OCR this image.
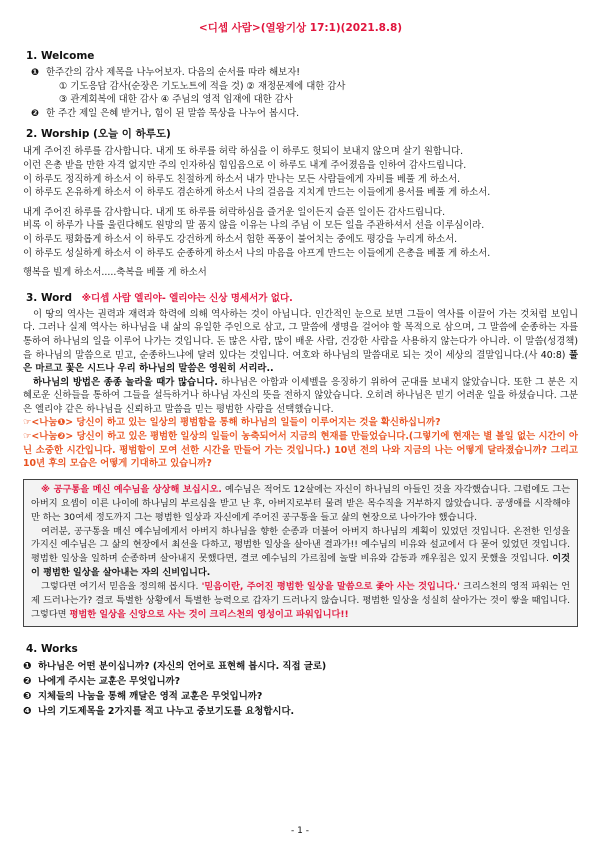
<디셉 사람>(열왕기상 17:1)(2021.8.8)
1. Welcome
❶ 한주간의 감사 제목을 나누어보자. 다음의 순서를 따라 해보자!
① 기도응답 감사(순장은 기도노트에 적을 것) ② 재정문제에 대한 감사
③ 관계회복에 대한 감사 ④ 주님의 영적 임재에 대한 감사
❷ 한 주간 제일 은혜 받거나, 힘이 된 말씀 묵상을 나누어 봅시다.
2. Worship (오늘 이 하루도)
내게 주어진 하루를 감사합니다. 내게 또 하루를 허락 하심을 이 하루도 헛되이 보내지 않으며 살기 원합니다.
이런 은총 받을 만한 자격 없지만 주의 인자하심 힘입음으로 이 하루도 내게 주어졌음을 인하여 감사드립니다.
이 하루도 정직하게 하소서 이 하루도 친절하게 하소서 내가 만나는 모든 사람들에게 자비를 베풀 게 하소서.
이 하루도 온유하게 하소서 이 하루도 겸손하게 하소서 나의 걸음을 지치게 만드는 이들에게 용서를 베풀 게 하소서.
내게 주어진 하루를 감사합니다. 내게 또 하루를 허락하심을 즐거운 일이든지 슬픈 일이든 감사드립니다.
비록 이 하루가 나를 울린다해도 원망의 말 품지 않을 이유는 나의 주님 이 모든 일을 주관하셔서 선을 이루심이라.
이 하루도 평화롭게 하소서 이 하루도 강건하게 하소서 험한 폭풍이 불어치는 중에도 평강을 누리게 하소서.
이 하루도 성실하게 하소서 이 하루도 순종하게 하소서 나의 마음을 아프게 만드는 이들에게 은총을 베풀 게 하소서.
행복을 빌게 하소서.....축복을 베풀 게 하소서
3. Word ※디셉 사람 엘리야- 엘리야는 신상 명세서가 없다.
이 땅의 역사는 권력과 재력과 학력에 의해 역사하는 것이 아닙니다. 인간적인 눈으로 보면 그들이 역사를 이끌어 가는 것처럼 보입니다. 그러나 실제 역사는 하나님을 내 삶의 유일한 주인으로 삼고, 그 말씀에 생명을 걸어야 할 목적으로 삼으며, 그 말씀에 순종하는 자를 통하여 하나님의 일을 이루어 나가는 것입니다. 돈 많은 사람, 많이 배운 사람, 건강한 사람을 사용하지 않는다가 아니라. 이 말씀(성경책)을 하나님의 말씀으로 믿고, 순종하느냐에 달려 있다는 것입니다. 여호와 하나님의 말씀대로 되는 것이 세상의 결말입니다.(사 40:8) 풀은 마르고 꽃은 시드나 우리 하나님의 말씀은 영원히 서리라..
하나님의 방법은 종종 놀라울 때가 많습니다. 하나님은 아합과 이세벨을 응징하기 위하여 군대를 보내지 않았습니다. 또한 그 분은 지혜로운 신하들을 통하여 그들을 설득하거나 하나님 자신의 뜻을 전하지 않았습니다. 오히려 하나님은 믿기 어려운 일을 하셨습니다. 그분은 엘리야 같은 하나님을 신뢰하고 말씀을 믿는 평범한 사람을 선택했습니다.
☞<나눔❶> 당신이 하고 있는 일상의 평범함을 통해 하나님의 일들이 이루어지는 것을 확신하십니까?
☞<나눔❷> 당신이 하고 있은 평범한 일상의 일들이 농축되어서 지금의 현재를 만들었습니다.(그렇기에 현재는 별 볼일 없는 시간이 아닌 소중한 시간입니다. 평범함이 모여 선한 시간을 만들어 가는 것입니다.) 10년 전의 나와 지금의 나는 어떻게 달라졌습니까? 그리고 10년 후의 모습은 어떻게 기대하고 있습니까?
※ 공구통을 메신 예수님을 상상해 보십시오. 예수님은 적어도 12살에는 자신이 하나님의 아들인 것을 자각했습니다. 그럼에도 그는 아버지 요셉이 이른 나이에 하나님의 부르심을 받고 난 후, 아버지로부터 물려 받은 목수직을 거부하지 않았습니다. 공생애를 시작해야만 하는 30여세 정도까지 그는 평범한 일상과 자신에게 주어진 공구통을 들고 삶의 현장으로 나아가야 했습니다.
여러분, 공구통을 매신 예수님에게서 아버지 하나님을 향한 순종과 더불어 아버지 하나님의 계획이 있었던 것입니다. 온전한 인성을 가지신 예수님은 그 삶의 현장에서 최선을 다하고, 평범한 일상을 살아낸 결과가!! 예수님의 비유와 설교에서 다 묻어 있었던 것입니다. 평범한 일상을 일하며 순종하며 살아내지 못했다면, 결코 예수님의 가르침에 놀랄 비유와 감동과 깨우침은 있지 못했을 것입니다. 이것이 평범한 일상을 살아내는 자의 신비입니다.
그렇다면 여기서 믿음을 정의해 봅시다. '믿음이란, 주어진 평범한 일상을 말씀으로 좇아 사는 것입니다.' 크리스천의 영적 파워는 언제 드러나는가? 결코 특별한 상황에서 특별한 능력으로 갑자기 드러나지 않습니다. 평범한 일상을 성실히 살아가는 것이 쌓을 때입니다. 그렇다면 평범한 일상을 신앙으로 사는 것이 크리스천의 영성이고 파워입니다!!
4. Works
❶ 하나님은 어떤 분이십니까? (자신의 언어로 표현해 봅시다. 직접 글로)
❷ 나에게 주시는 교훈은 무엇입니까?
❸ 지체들의 나눔을 통해 깨달은 영적 교훈은 무엇입니까?
❹ 나의 기도제목을 2가지를 적고 나누고 중보기도를 요청합시다.
- 1 -
